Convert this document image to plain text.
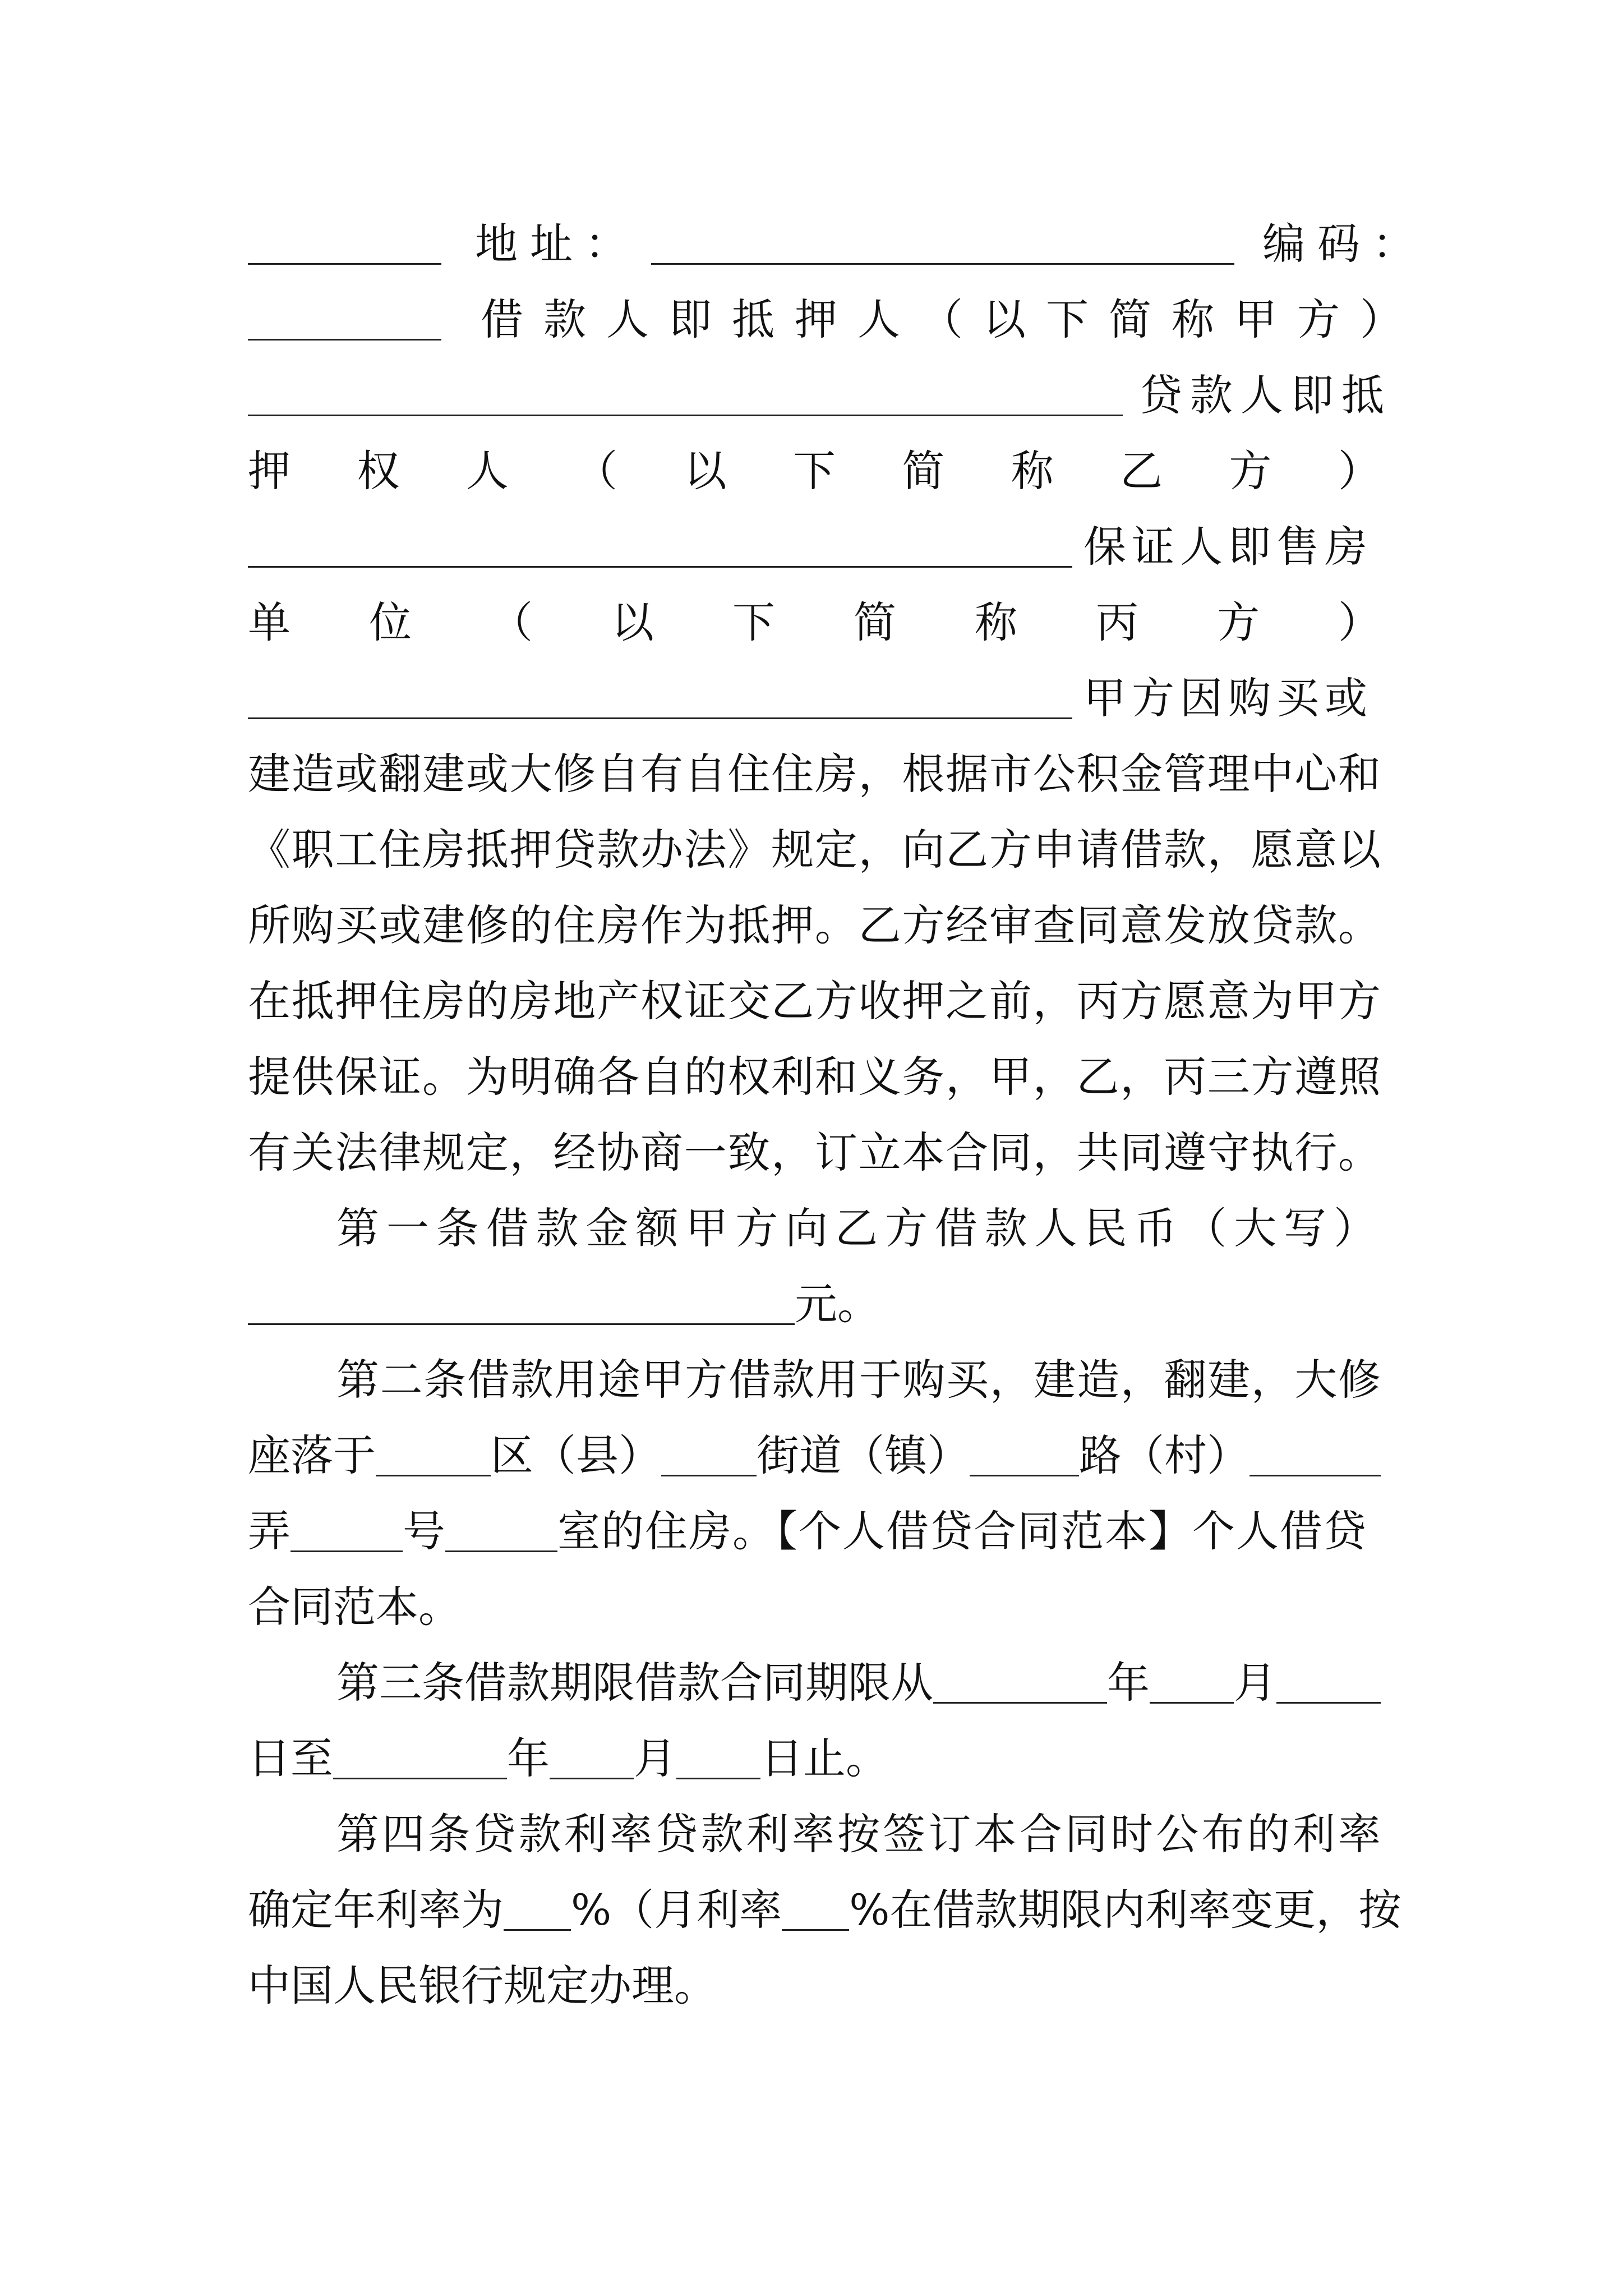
地址：	编码：
借款人即抵押人（以下简称甲方）
贷款人即抵
押 权 人 （ 以 下 简 称 乙 方 ）
保证人即售房
单 位 （ 以 下 简 称 丙 方 ）
甲方因购买或
建造或翻建或大修自有自住住房，根据市公积金管理中心和
《职工住房抵押贷款办法》规定，向乙方申请借款，愿意以
所购买或建修的住房作为抵押。乙方经审查同意发放贷款。
在抵押住房的房地产权证交乙方收押之前，丙方愿意为甲方
提供保证。为明确各自的权利和义务，甲，乙，丙三方遵照
有关法律规定，经协商一致，订立本合同，共同遵守执行。
第一条借款金额甲方向乙方借款人民币（大写）
元。
第二条借款用途甲方借款用于购买，建造，翻建，大修
座落于	区（县） 街道（镇）	路（村）
弄	号	室的住房。【个人借贷合同范本】个人借贷
合同范本。
第三条借款期限借款合同期限从	年 月
日至	年 月 日止。
第四条贷款利率贷款利率按签订本合同时公布的利率
确定年利率为 %（月利率 %在借款期限内利率变更，按
中国人民银行规定办理。
